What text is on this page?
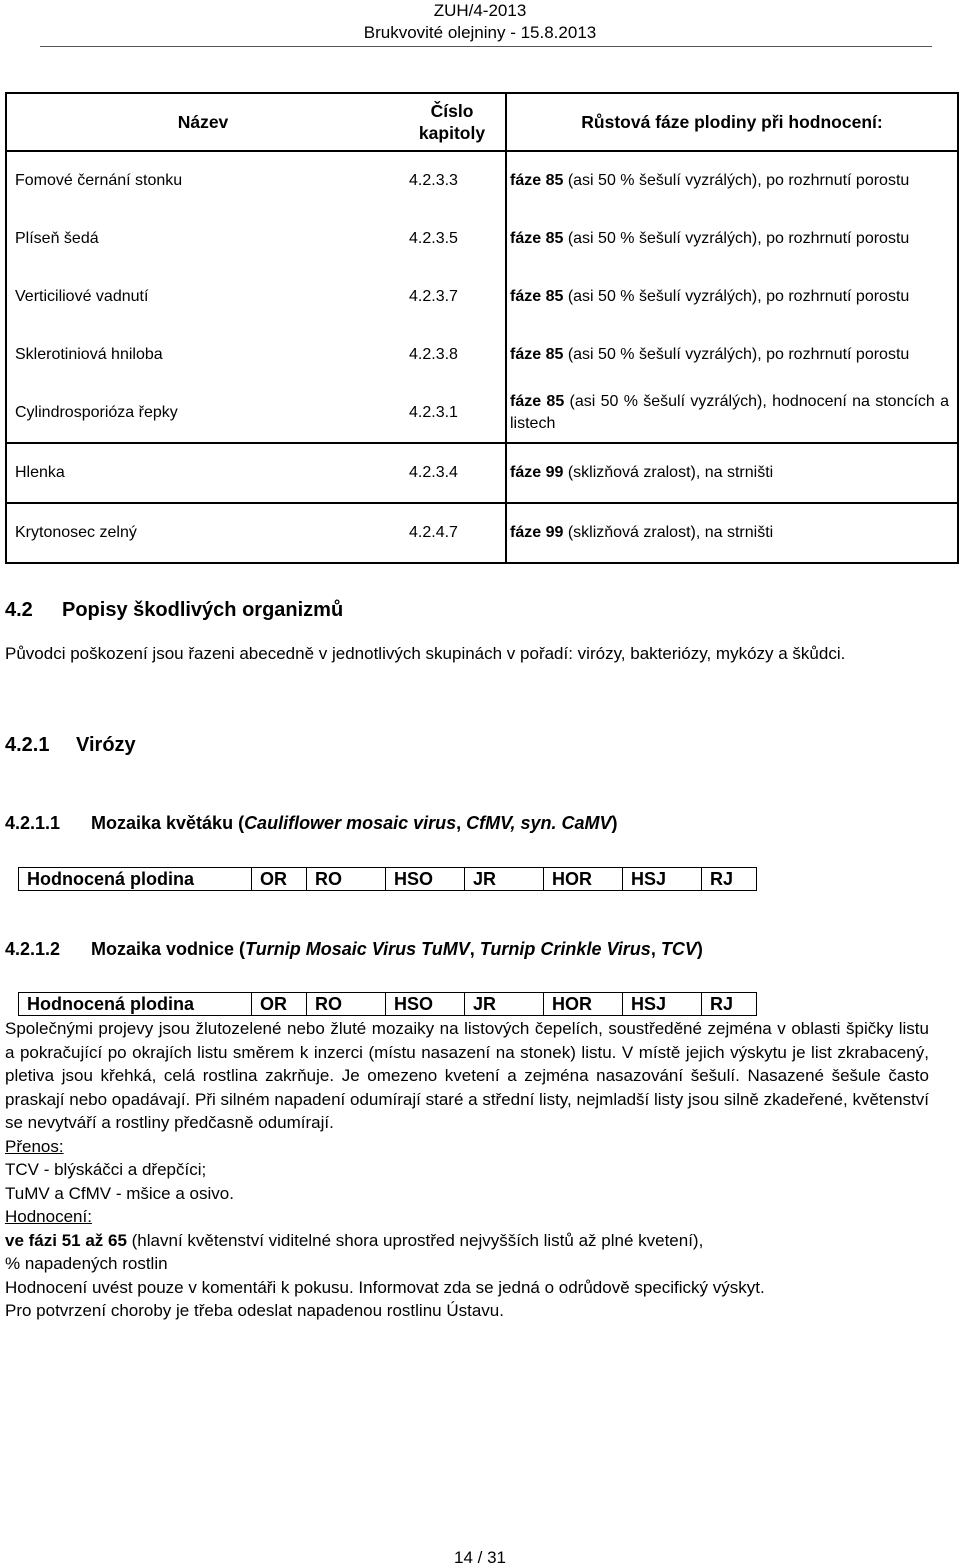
ZUH/4-2013
Brukvovité olejniny - 15.8.2013
Název	Číslo kapitoly	Růstová fáze plodiny při hodnocení:
Fomové černání stonku	4.2.3.3	fáze 85 (asi 50 % šešulí vyzrálých), po rozhrnutí porostu
Plíseň šedá	4.2.3.5	fáze 85 (asi 50 % šešulí vyzrálých), po rozhrnutí porostu
Verticiliové vadnutí	4.2.3.7	fáze 85 (asi 50 % šešulí vyzrálých), po rozhrnutí porostu
Sklerotiniová hniloba	4.2.3.8	fáze 85 (asi 50 % šešulí vyzrálých), po rozhrnutí porostu
Cylindrosporióza řepky	4.2.3.1	fáze 85 (asi 50 % šešulí vyzrálých), hodnocení na stoncích a listech
Hlenka	4.2.3.4	fáze 99 (sklizňová zralost), na strništi
Krytonosec zelný	4.2.4.7	fáze 99 (sklizňová zralost), na strništi
4.2 Popisy škodlivých organizmů
Původci poškození jsou řazeni abecedně v jednotlivých skupinách v pořadí: virózy, bakteriózy, mykózy a škůdci.
4.2.1 Virózy
4.2.1.1 Mozaika květáku (Cauliflower mosaic virus, CfMV, syn. CaMV)
Hodnocená plodina	OR	RO	HSO	JR	HOR	HSJ	RJ
4.2.1.2 Mozaika vodnice (Turnip Mosaic Virus TuMV, Turnip Crinkle Virus, TCV)
Hodnocená plodina	OR	RO	HSO	JR	HOR	HSJ	RJ
Společnými projevy jsou žlutozelené nebo žluté mozaiky na listových čepelích, soustředěné zejména v oblasti špičky listu a pokračující po okrajích listu směrem k inzerci (místu nasazení na stonek) listu. V místě jejich výskytu je list zkrabacený, pletiva jsou křehká, celá rostlina zakrňuje. Je omezeno kvetení a zejména nasazování šešulí. Nasazené šešule často praskají nebo opadávají. Při silném napadení odumírají staré a střední listy, nejmladší listy jsou silně zkadeřené, květenství se nevytváří a rostliny předčasně odumírají.
Přenos:
TCV - blýskáčci a dřepčíci;
TuMV a CfMV - mšice a osivo.
Hodnocení:
ve fázi 51 až 65 (hlavní květenství viditelné shora uprostřed nejvyšších listů až plné kvetení),
% napadených rostlin
Hodnocení uvést pouze v komentáři k pokusu. Informovat zda se jedná o odrůdově specifický výskyt.
Pro potvrzení choroby je třeba odeslat napadenou rostlinu Ústavu.
14 / 31
